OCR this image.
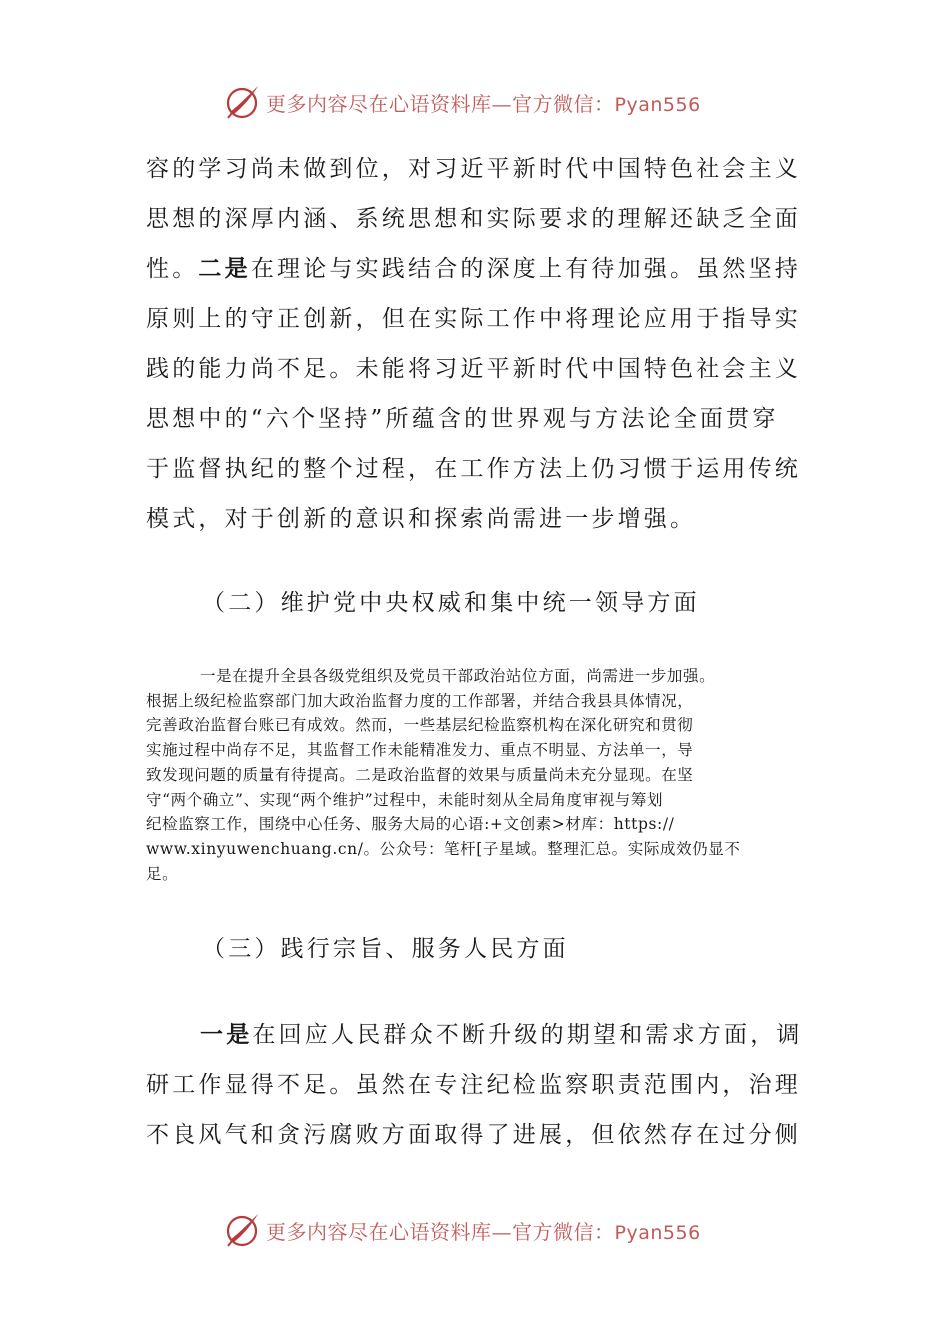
更多内容尽在心语资料库—官方微信：Pyan556
容的学习尚未做到位，对习近平新时代中国特色社会主义
思想的深厚内涵、系统思想和实际要求的理解还缺乏全面
性。二是在理论与实践结合的深度上有待加强。虽然坚持
原则上的守正创新，但在实际工作中将理论应用于指导实
践的能力尚不足。未能将习近平新时代中国特色社会主义
思想中的“六个坚持”所蕴含的世界观与方法论全面贯穿
于监督执纪的整个过程，在工作方法上仍习惯于运用传统
模式，对于创新的意识和探索尚需进一步增强。
（二）维护党中央权威和集中统一领导方面
一是在提升全县各级党组织及党员干部政治站位方面，尚需进一步加强。
根据上级纪检监察部门加大政治监督力度的工作部署，并结合我县具体情况，
完善政治监督台账已有成效。然而，一些基层纪检监察机构在深化研究和贯彻
实施过程中尚存不足，其监督工作未能精准发力、重点不明显、方法单一，导
致发现问题的质量有待提高。二是政治监督的效果与质量尚未充分显现。在坚
守“两个确立”、实现“两个维护”过程中，未能时刻从全局角度审视与筹划
纪检监察工作，围绕中心任务、服务大局的心语:+文创素>材库：https://
www.xinyuwenchuang.cn/。公众号：笔杆[子星域。整理汇总。实际成效仍显不
足。
（三）践行宗旨、服务人民方面
一是在回应人民群众不断升级的期望和需求方面，调
研工作显得不足。虽然在专注纪检监察职责范围内，治理
不良风气和贪污腐败方面取得了进展，但依然存在过分侧
更多内容尽在心语资料库—官方微信：Pyan556
